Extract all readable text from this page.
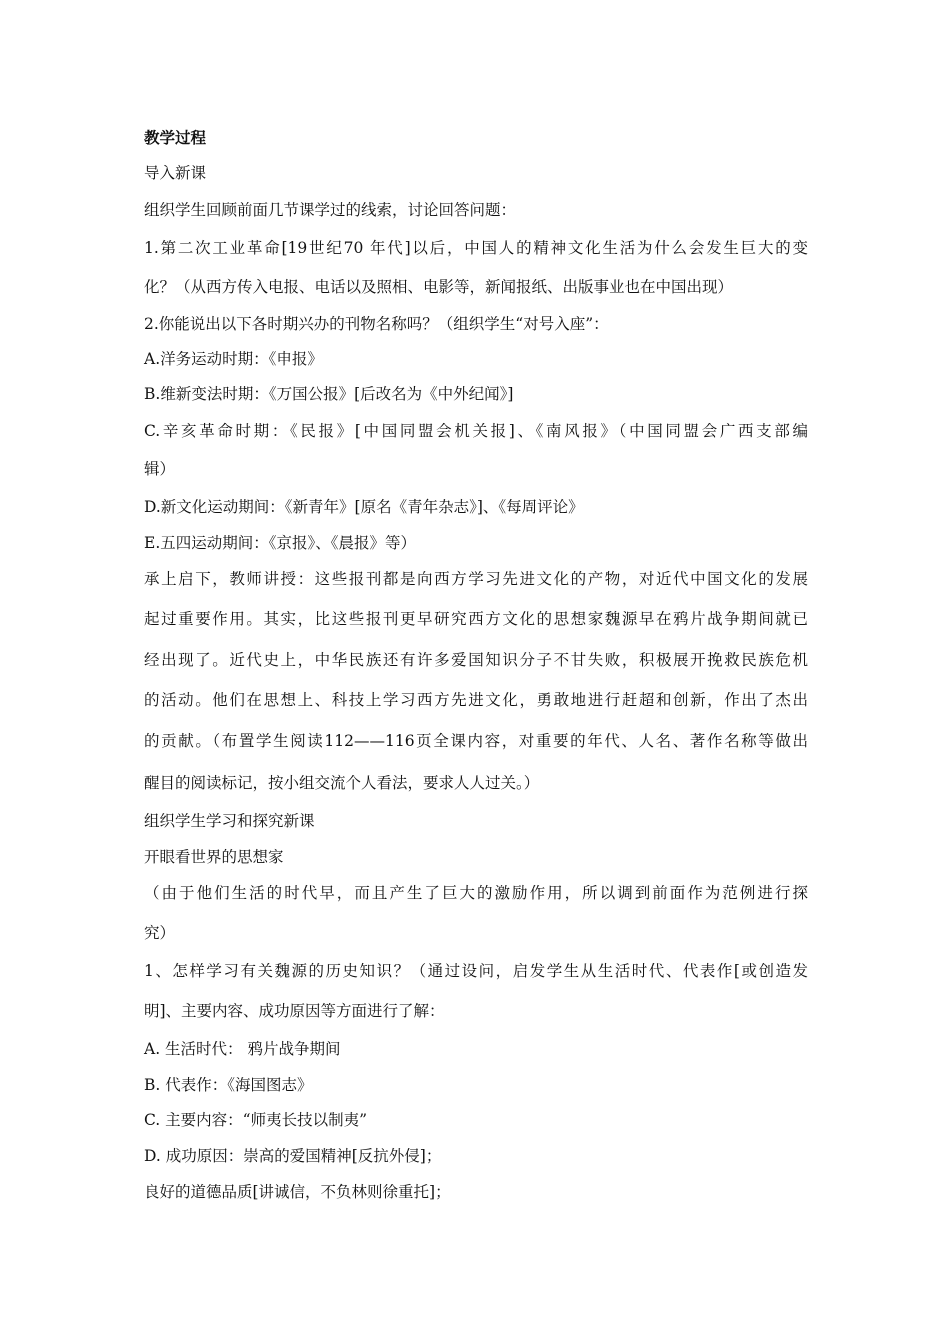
教学过程
导入新课
组织学生回顾前面几节课学过的线索，讨论回答问题：
1.第二次工业革命[19世纪70 年代]以后，中国人的精神文化生活为什么会发生巨大的变
化？（从西方传入电报、电话以及照相、电影等，新闻报纸、出版事业也在中国出现）
2.你能说出以下各时期兴办的刊物名称吗？（组织学生“对号入座”：
A.洋务运动时期：《申报》
B.维新变法时期：《万国公报》[后改名为《中外纪闻》]
C.辛亥革命时期：《民报》[中国同盟会机关报]、《南风报》（中国同盟会广西支部编
辑）
D.新文化运动期间：《新青年》[原名《青年杂志》]、《每周评论》
E.五四运动期间：《京报》、《晨报》等）
承上启下，教师讲授：这些报刊都是向西方学习先进文化的产物，对近代中国文化的发展
起过重要作用。其实，比这些报刊更早研究西方文化的思想家魏源早在鸦片战争期间就已
经出现了。近代史上，中华民族还有许多爱国知识分子不甘失败，积极展开挽救民族危机
的活动。他们在思想上、科技上学习西方先进文化，勇敢地进行赶超和创新，作出了杰出
的贡献。（布置学生阅读112——116页全课内容，对重要的年代、人名、著作名称等做出
醒目的阅读标记，按小组交流个人看法，要求人人过关。）
组织学生学习和探究新课
开眼看世界的思想家
（由于他们生活的时代早，而且产生了巨大的激励作用，所以调到前面作为范例进行探
究）
1、怎样学习有关魏源的历史知识？（通过设问，启发学生从生活时代、代表作[或创造发
明]、主要内容、成功原因等方面进行了解：
A. 生活时代： 鸦片战争期间
B. 代表作：《海国图志》
C. 主要内容：“师夷长技以制夷”
D. 成功原因：崇高的爱国精神[反抗外侵]；
良好的道德品质[讲诚信，不负林则徐重托]；
